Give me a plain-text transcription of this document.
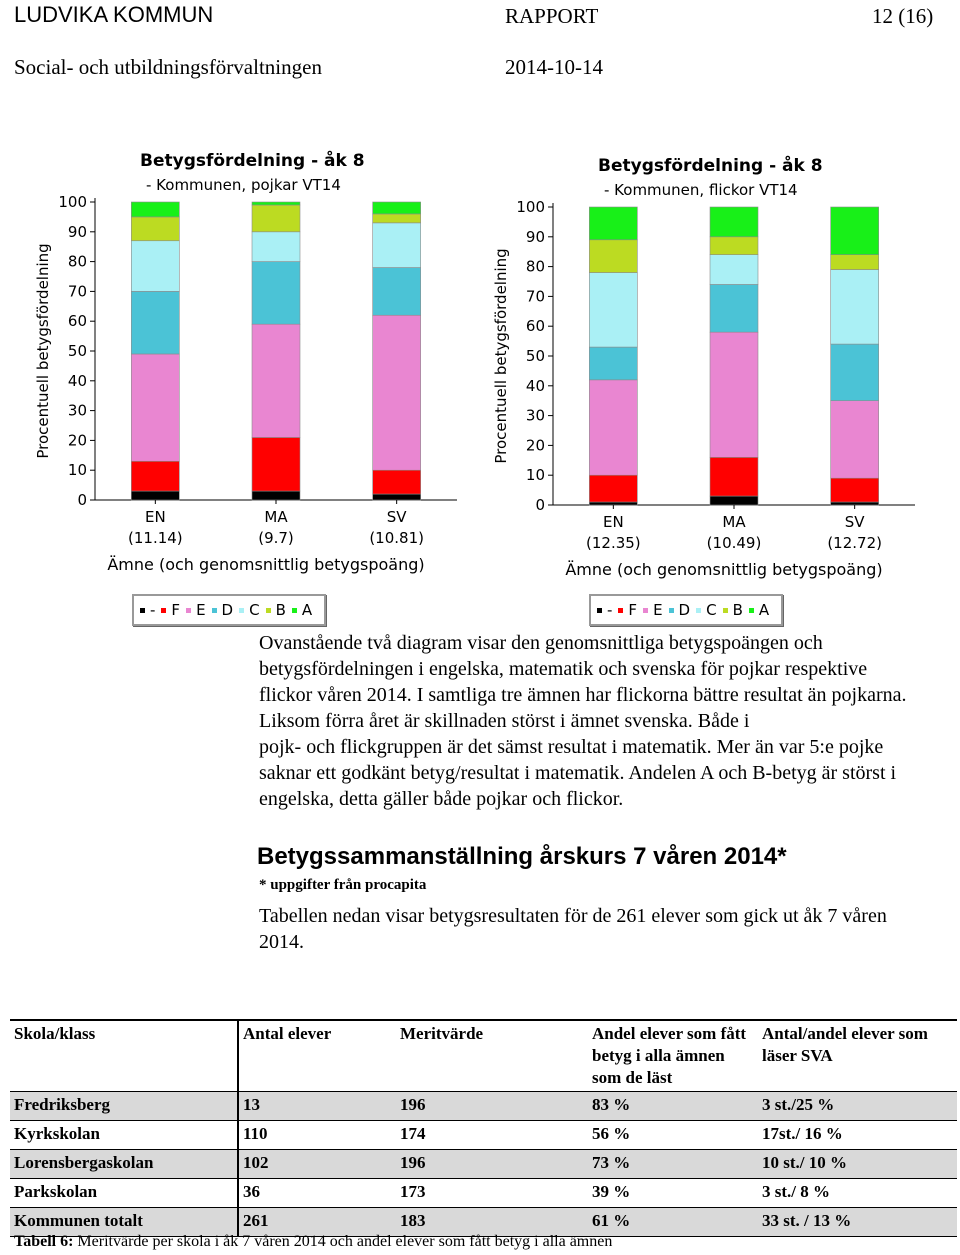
LUDVIKA KOMMUN	RAPPORT	12 (16)
Social- och utbildningsförvaltningen	2014-10-14
Betygsfördelning - åk 8
- Kommunen, pojkar VT14
Procentuell betygsfördelning
0
10
20
30
40
50
60
70
80
90
100
EN
(11.14)
MA
(9.7)
SV
(10.81)
Ämne (och genomsnittlig betygspoäng)
Betygsfördelning - åk 8
- Kommunen, flickor VT14
Procentuell betygsfördelning
0
10
20
30
40
50
60
70
80
90
100
EN
(12.35)
MA
(10.49)
SV
(12.72)
Ämne (och genomsnittlig betygspoäng)
- F E D C B A	- F E D C B A

Ovanstående två diagram visar den genomsnittliga betygspoängen och betygsfördelningen i engelska, matematik och svenska för pojkar respektive flickor våren 2014. I samtliga tre ämnen har flickorna bättre resultat än pojkarna. Liksom förra året är skillnaden störst i ämnet svenska. Både i

pojk- och flickgruppen är det sämst resultat i matematik. Mer än var 5:e pojke saknar ett godkänt betyg/resultat i matematik. Andelen A och B-betyg är störst i engelska, detta gäller både pojkar och flickor.

Betygssammanställning årskurs 7 våren 2014*
* uppgifter från procapita
Tabellen nedan visar betygsresultaten för de 261 elever som gick ut åk 7 våren 2014.
Skola/klass	Antal elever	Meritvärde	Andel elever som fått betyg i alla ämnen som de läst	Antal/andel elever som läser SVA
Fredriksberg	13	196	83 %	3 st./25 %
Kyrkskolan	110	174	56 %	17st./ 16 %
Lorensbergaskolan	102	196	73 %	10 st./ 10 %
Parkskolan	36	173	39 %	3 st./ 8 %
Kommunen totalt	261	183	61 %	33 st. / 13 %
Tabell 6: Meritvärde per skola i åk 7 våren 2014 och andel elever som fått betyg i alla ämnen
